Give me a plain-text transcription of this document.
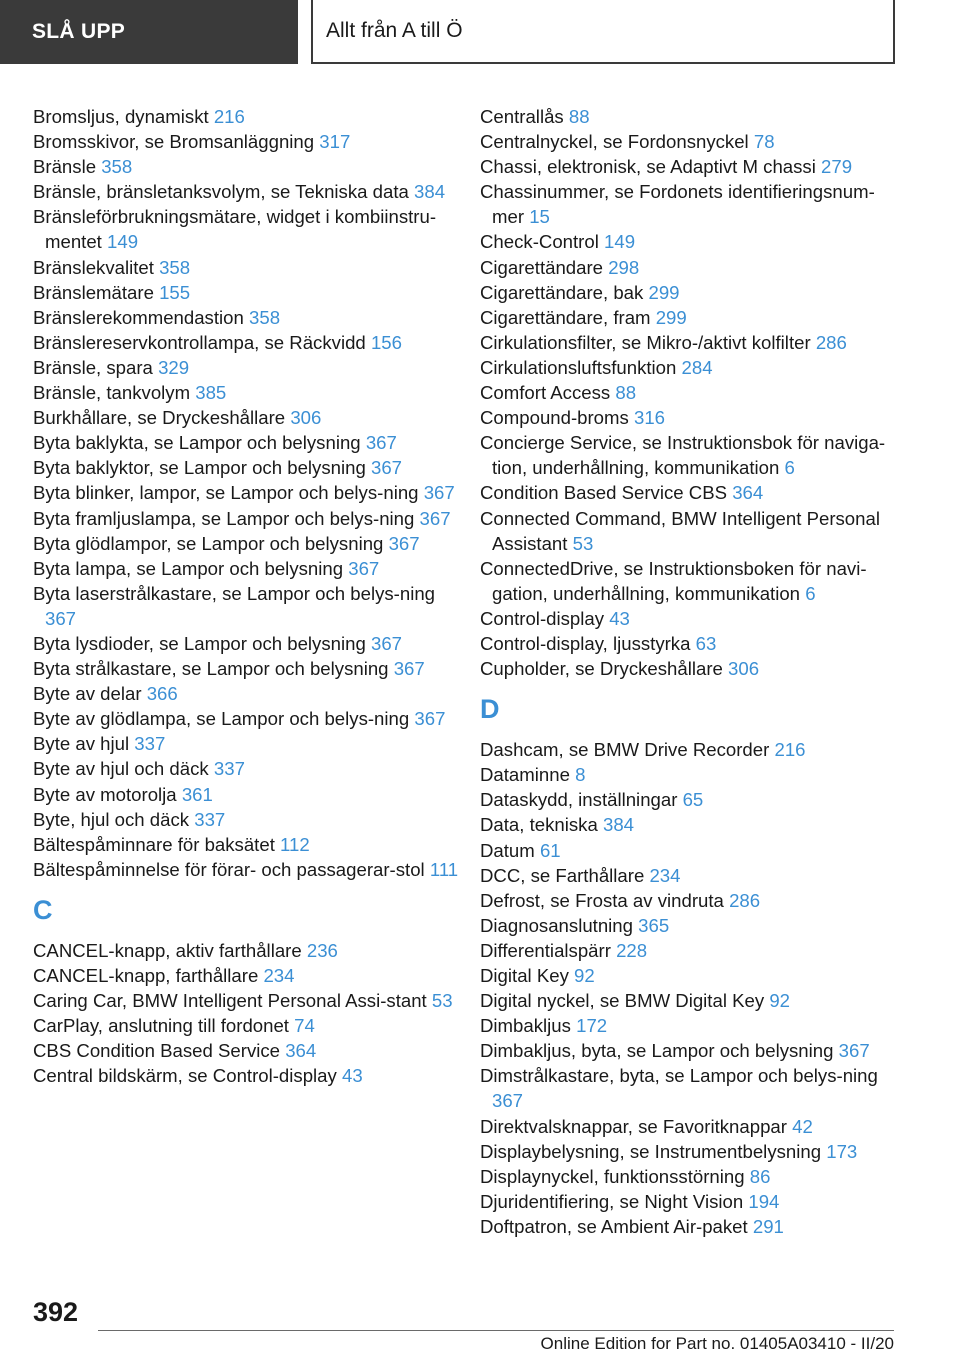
SLÅ UPP	Allt från A till Ö

Bromsljus, dynamiskt 216

Bromsskivor, se Bromsanläggning 317

Bränsle 358

Bränsle, bränsletanksvolym, se Tekniska data 384

Bränsleförbrukningsmätare, widget i kombiinstru-mentet 149

Bränslekvalitet 358

Bränslemätare 155

Bränslerekommendastion 358

Bränslereservkontrollampa, se Räckvidd 156

Bränsle, spara 329

Bränsle, tankvolym 385

Burkhållare, se Dryckeshållare 306

Byta baklykta, se Lampor och belysning 367

Byta baklyktor, se Lampor och belysning 367

Byta blinker, lampor, se Lampor och belys-ning 367

Byta framljuslampa, se Lampor och belys-ning 367

Byta glödlampor, se Lampor och belysning 367

Byta lampa, se Lampor och belysning 367

Byta laserstrålkastare, se Lampor och belys-ning 367

Byta lysdioder, se Lampor och belysning 367

Byta strålkastare, se Lampor och belysning 367

Byte av delar 366

Byte av glödlampa, se Lampor och belys-ning 367

Byte av hjul 337

Byte av hjul och däck 337

Byte av motorolja 361

Byte, hjul och däck 337

Bältespåminnare för baksätet 112

Bältespåminnelse för förar- och passagerar-stol 111

C

CANCEL-knapp, aktiv farthållare 236

CANCEL-knapp, farthållare 234

Caring Car, BMW Intelligent Personal Assi-stant 53

CarPlay, anslutning till fordonet 74

CBS Condition Based Service 364

Central bildskärm, se Control-display 43

Centrallås 88

Centralnyckel, se Fordonsnyckel 78

Chassi, elektronisk, se Adaptivt M chassi 279

Chassinummer, se Fordonets identifieringsnum-mer 15

Check-Control 149

Cigarettändare 298

Cigarettändare, bak 299

Cigarettändare, fram 299

Cirkulationsfilter, se Mikro-/aktivt kolfilter 286

Cirkulationsluftsfunktion 284

Comfort Access 88

Compound-broms 316

Concierge Service, se Instruktionsbok för naviga-tion, underhållning, kommunikation 6

Condition Based Service CBS 364

Connected Command, BMW Intelligent Personal Assistant 53

ConnectedDrive, se Instruktionsboken för navi-gation, underhållning, kommunikation 6

Control-display 43

Control-display, ljusstyrka 63

Cupholder, se Dryckeshållare 306

D

Dashcam, se BMW Drive Recorder 216

Dataminne 8

Dataskydd, inställningar 65

Data, tekniska 384

Datum 61

DCC, se Farthållare 234

Defrost, se Frosta av vindruta 286

Diagnosanslutning 365

Differentialspärr 228

Digital Key 92

Digital nyckel, se BMW Digital Key 92

Dimbakljus 172

Dimbakljus, byta, se Lampor och belysning 367

Dimstrålkastare, byta, se Lampor och belys-ning 367

Direktvalsknappar, se Favoritknappar 42

Displaybelysning, se Instrumentbelysning 173

Displaynyckel, funktionsstörning 86

Djuridentifiering, se Night Vision 194

Doftpatron, se Ambient Air-paket 291

392
Online Edition for Part no. 01405A03410 - II/20
